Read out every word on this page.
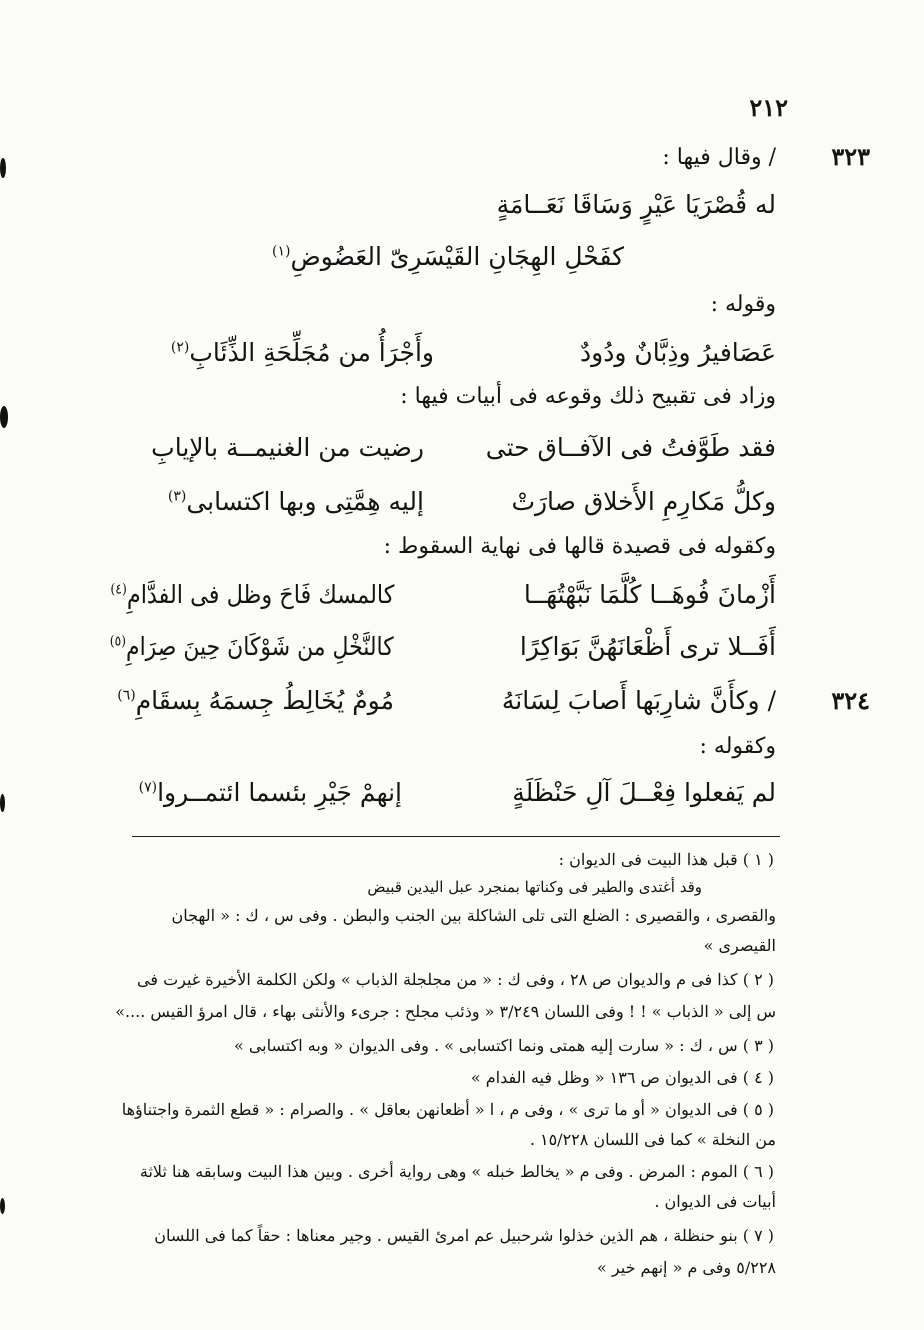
٢١٢
٣٢٣
٣٢٤
/ وقال فيها :
له قُصْرَيَا عَيْرٍ وَسَاقَا نَعَــامَةٍ
كفَحْلِ الهِجَانِ القَيْسَرِىّ العَضُوضِ$^{(١)}$
وقوله :
عَصَافيرُ وذِبَّانٌ ودُودٌ
وأَجْرَأُ من مُجَلِّحَةِ الذِّئَابِ$^{(٢)}$
وزاد فى تقبيح ذلك وقوعه فى أبيات فيها :
فقد طَوَّفتُ فى الآفــاق حتى
رضيت من الغنيمــة بالإيابِ
وكلُّ مَكارِمِ الأَخلاق صارَتْ
إليه هِمَّتِى وبها اكتسابى$^{(٣)}$
وكقوله فى قصيدة قالها فى نهاية السقوط :
أَزْمانَ فُوهَــا كُلَّمَا نَبَّهْتُهَــا
كالمسك فَاحَ وظل فى الفدَّامِ$^{(٤)}$
أَفَــلا ترى أَظْعَانَهُنَّ بَوَاكِرًا
كالنَّخْلِ من شَوْكَانَ حِينَ صِرَامِ$^{(٥)}$
/ وكأَنَّ شارِبَها أَصابَ لِسَانَهُ
مُومٌ يُخَالِطُ جِسمَهُ بِسقَامِ$^{(٦)}$
وكقوله :
لم يَفعلوا فِعْــلَ آلِ حَنْظَلَةٍ
إنهمْ جَيْرِ بئسما ائتمــروا$^{(٧)}$
( ١ ) قبل هذا البيت فى الديوان :
وقد أغتدى والطير فى وكناتها بمنجرد عبل اليدين قبيض
والقصرى ، والقصيرى : الضلع التى تلى الشاكلة بين الجنب والبطن . وفى س ، ك : « الهجان
القيصرى »
( ٢ ) كذا فى م والديوان ص ٢٨ ، وفى ك : « من مجلجلة الذباب » ولكن الكلمة الأخيرة غيرت فى
س إلى « الذباب » ! ! وفى اللسان ٣/٢٤٩ « وذئب مجلح : جرىء والأنثى بهاء ، قال امرؤ القيس ....»
( ٣ ) س ، ك : « سارت إليه همتى ونما اكتسابى » . وفى الديوان « وبه اكتسابى »
( ٤ ) فى الديوان ص ١٣٦ « وظل فيه الفدام »
( ٥ ) فى الديوان « أو ما ترى » ، وفى م ، ا « أظعانهن بعاقل » . والصرام : « قطع الثمرة واجتناؤها
من النخلة » كما فى اللسان ١٥/٢٢٨ .
( ٦ ) الموم : المرض . وفى م « يخالط خبله » وهى رواية أخرى . وبين هذا البيت وسابقه هنا ثلاثة
أبيات فى الديوان .
( ٧ ) بنو حنظلة ، هم الذين خذلوا شرحبيل عم امرئ القيس . وجير معناها : حقاً كما فى اللسان
٥/٢٢٨ وفى م « إنهم خير »
